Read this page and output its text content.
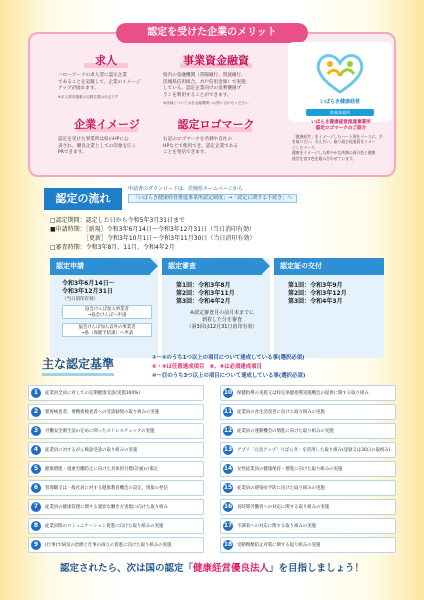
認定を受けた企業のメリット
求人
ハローワークの求人票に認定企業
であることを記載して、企業のイメージ
アップが図れます。
※求人票内掲載の記載位置は未定です
事業資金融資
県内の金融機関（常陽銀行、筑波銀行、
茨城県信用組合、水戸信用金庫）で実施
している、認定企業向けの金利優遇プ
ランを利用することができます。
※詳細については各金融機関へお問い合わせください
企業イメージ
認定を受けた事業所は県のHPに公
表され、優良企業としての印象を広く
PRできます。
認定ロゴマーク
右記のロゴマークを名刺や自社の
HPなどで使用でき、認定企業である
ことを発信できます。
いばらき健康経営
推進事業所
いばらき健康経営推進事業所
認定ロゴマークのご紹介
「健康経営」をイメージしたハート形をベースに、手
を取り合い、支え合い、取り組む従業員をイメー
ジしたマーク。
健康をイメージした黄やかな茨城の両の色と健康
経営を表す色を組み合わせています。
認定の流れ
申請書のダウンロードは、茨城県ホームページから
「いばらき健康経営推進事業所認定制度」→「認定に関する手続き」へ
□認定期間：認定した日から令和5年3月31日まで
■申請時期：［新規］令和3年6月14日～令和3年12月31日（当日消印有効）
　　　　　　［更新］令和3年10月1日～令和3年11月30日（当日消印有効）
□審査時期：令和3年8月、11月、令和4年2月
認定申請	認定審査	認定証の交付
令和3年6月14日～
令和3年12月31日
（当日消印有効）
協会けんぽ加入事業者
→協会けんぽへ申請
協会けんぽ加入以外の事業者
→県（保健予防課）へ申請
第1回：令和3年8月
第2回：令和3年11月
第3回：令和4年2月
※認定審査月の前月末までに
到着した分を審査
（第3回は12月31日消印有効）
第1回：令和3年9月
第2回：令和3年12月
第3回：令和4年3月
主な認定基準	①～⑤のうち1つ以上の項目について達成している事(選択必須)
⑥・⑨は任意達成項目　⑧、⑨は必須達成項目
⑩～⑰のうち3つ以上の項目について達成している事(選択必須)
1	従業員全員に対しての定期健康受診(実施100%)	10 保健指導の実施又は特定保健指導実施機会の提供に関する取り組み
2	要再検査者、要精密検査者への受診勧奨の取り組みの実施	11 従業員の食生活改善に向けた取り組みの実施
3	労働安全衛生法の定めに則ったストレスチェックの実施	12 従業員の運動機会の増進に向けた取り組みの実施
4	従業員に対するがん検診受診の取り組みの実施	13 アプリ「元気アップ！りばらき」を活用した取り組み(登録又は30日の取組み)
5	健康増進・過重労働防止に向けた具体的目標(計画)の策定	14 女性従業員の健康保持・増進に向けた取り組みの実施
6	管理職又は一般社員に対する健康教育機会の設定、情報の発信	15 従業員の感染症予防に向けた取り組みの実施
7	従業員の健康管理に関する適切な働き方実現に向けた取り組み	16 長時間労働者への対応に関する取り組みの実施
8	従業員間のコミュニケーション促進に向けた取り組みの実施	17 不調者への対応に関する取り組みの実施
9	(仕事)で病気の治療と仕事の両立の促進に向けた取り組みの実施	18 受動喫煙防止対策に関する取り組みの実施
認定されたら、次は国の認定「健康経営優良法人」を目指しましょう！
